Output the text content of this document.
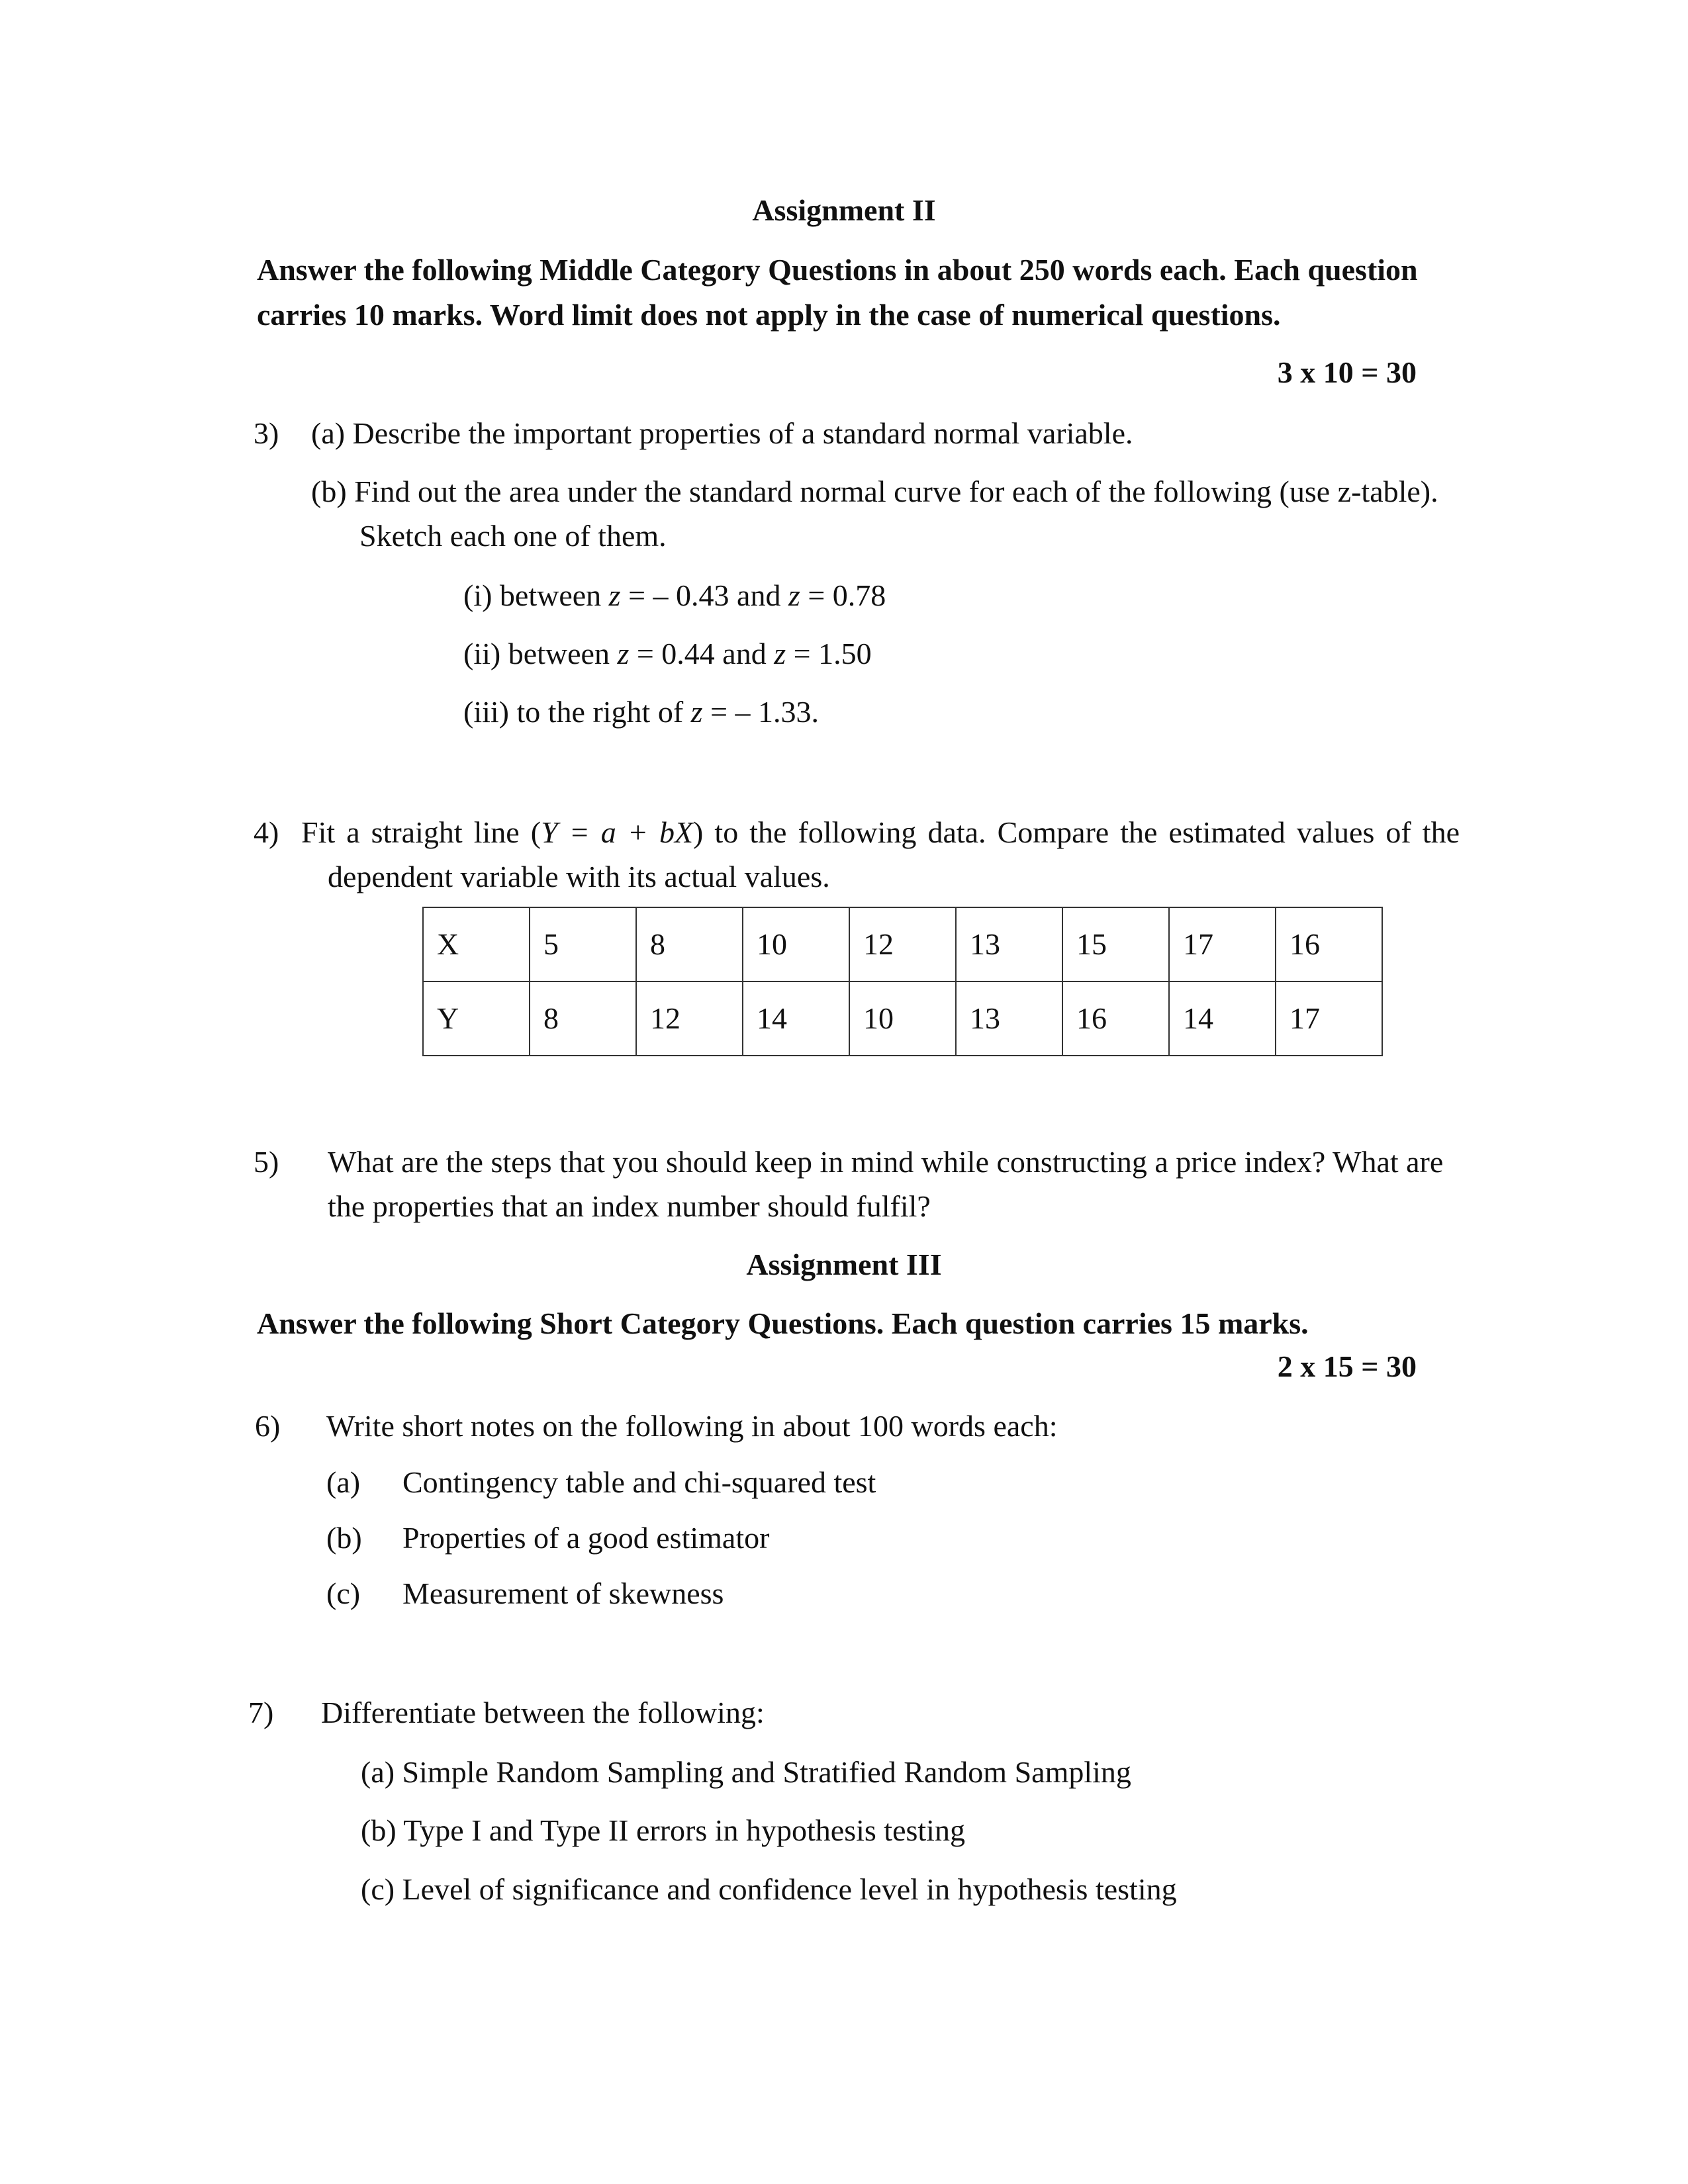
Assignment II
Answer the following Middle Category Questions in about 250 words each. Each question
carries 10 marks. Word limit does not apply in the case of numerical questions.
3 x 10 = 30
3) (a) Describe the important properties of a standard normal variable.
(b) Find out the area under the standard normal curve for each of the following (use z-table).
Sketch each one of them.
(i) between z = – 0.43 and z = 0.78
(ii) between z = 0.44 and z = 1.50
(iii) to the right of z = – 1.33.
4) Fit a straight line (Y = a + bX) to the following data. Compare the estimated values of the
dependent variable with its actual values.
X	5	8	10	12	13	15	17	16
Y	8	12	14	10	13	16	14	17
5) What are the steps that you should keep in mind while constructing a price index? What are
the properties that an index number should fulfil?
Assignment III
Answer the following Short Category Questions. Each question carries 15 marks.
2 x 15 = 30
6) Write short notes on the following in about 100 words each:
(a) Contingency table and chi-squared test
(b) Properties of a good estimator
(c) Measurement of skewness
7) Differentiate between the following:
(a) Simple Random Sampling and Stratified Random Sampling
(b) Type I and Type II errors in hypothesis testing
(c) Level of significance and confidence level in hypothesis testing
